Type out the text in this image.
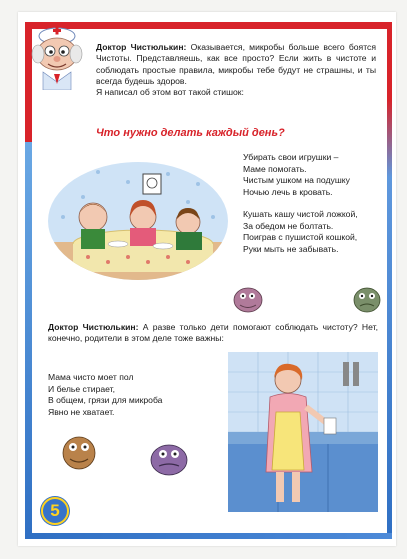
Доктор Чистюлькин: Оказывается, микробы больше всего боятся Чистоты. Представляешь, как все просто? Если жить в чистоте и соблюдать простые правила, микробы тебе будут не страшны, и ты всегда будешь здоров.
Я написал об этом вот такой стишок:
Что нужно делать каждый день?
Убирать свои игрушки –
Маме помогать.
Чистым ушком на подушку
Ночью лечь в кровать.
Кушать кашу чистой ложкой,
За обедом не болтать.
Поиграв с пушистой кошкой,
Руки мыть не забывать.
Доктор Чистюлькин: А разве только дети помогают соблюдать чистоту? Нет, конечно, родители в этом деле тоже важны:
Мама чисто моет пол
И белье стирает,
В общем, грязи для микроба
Явно не хватает.
5
